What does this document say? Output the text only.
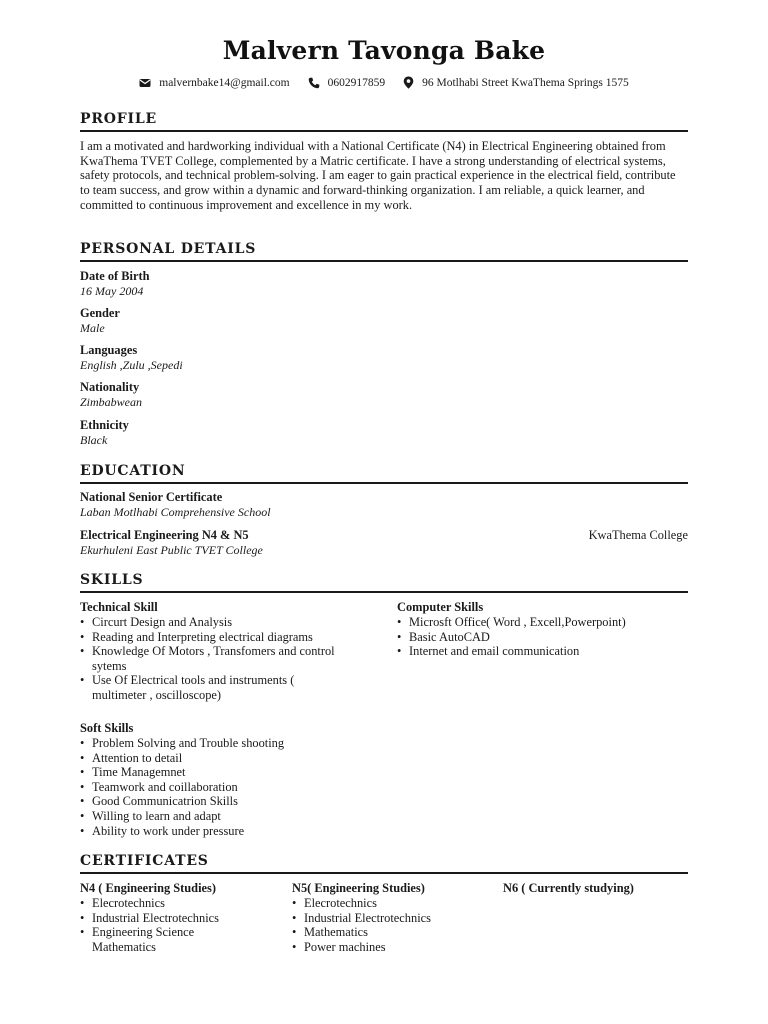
Malvern Tavonga Bake
malvernbake14@gmail.com	0602917859	96 Motlhabi Street KwaThema Springs 1575
PROFILE
I am a motivated and hardworking individual with a National Certificate (N4) in Electrical Engineering obtained from KwaThema TVET College, complemented by a Matric certificate. I have a strong understanding of electrical systems, safety protocols, and technical problem-solving. I am eager to gain practical experience in the electrical field, contribute to team success, and grow within a dynamic and forward-thinking organization. I am reliable, a quick learner, and committed to continuous improvement and excellence in my work.
PERSONAL DETAILS
Date of Birth
16 May 2004
Gender
Male
Languages
English ,Zulu ,Sepedi
Nationality
Zimbabwean
Ethnicity
Black
EDUCATION
National Senior Certificate
Laban Motlhabi Comprehensive School
Electrical Engineering N4 & N5
Ekurhuleni East Public TVET College
KwaThema College
SKILLS
Technical Skill
• Circurt Design and Analysis
• Reading and Interpreting electrical diagrams
• Knowledge Of Motors , Transfomers and control sytems
• Use Of Electrical tools and instruments ( multimeter , oscilloscope)
Computer Skills
• Microsft Office( Word , Excell,Powerpoint)
• Basic AutoCAD
• Internet and email communication
Soft Skills
• Problem Solving and Trouble shooting
• Attention to detail
• Time Managemnet
• Teamwork and coillaboration
• Good Communicatrion Skills
• Willing to learn and adapt
• Ability to work under pressure
CERTIFICATES
N4 ( Engineering Studies)
• Elecrotechnics
• Industrial Electrotechnics
• Engineering Science Mathematics
N5( Engineering Studies)
• Elecrotechnics
• Industrial Electrotechnics
• Mathematics
• Power machines
N6 ( Currently studying)
